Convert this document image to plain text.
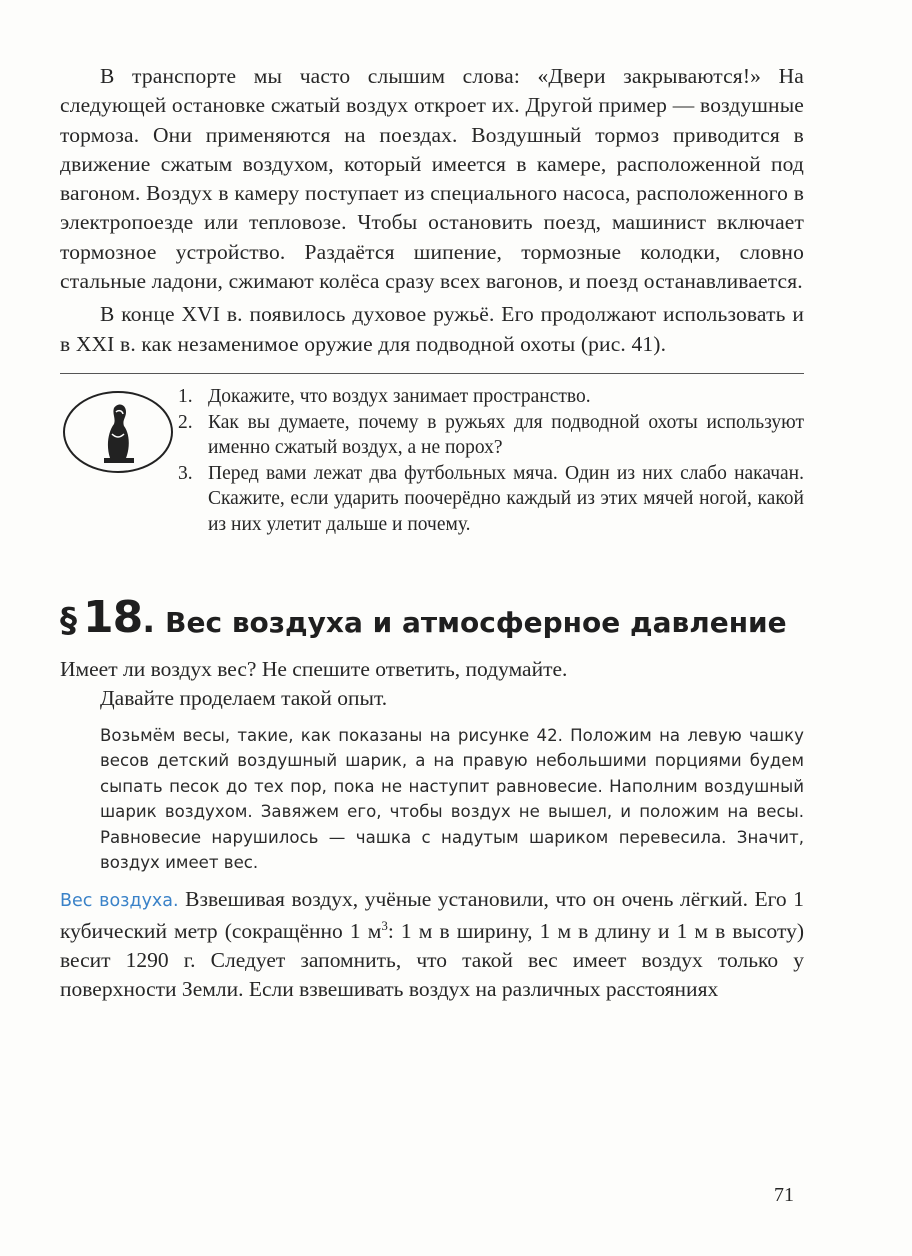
В транспорте мы часто слышим слова: «Двери закрываются!» На следующей остановке сжатый воздух откроет их. Другой пример — воздушные тормоза. Они применяются на поездах. Воздушный тормоз приводится в движение сжатым воздухом, который имеется в камере, расположенной под вагоном. Воздух в камеру поступает из специального насоса, расположенного в электропоезде или тепловозе. Чтобы остановить поезд, машинист включает тормозное устройство. Раздаётся шипение, тормозные колодки, словно стальные ладони, сжимают колёса сразу всех вагонов, и поезд останавливается.

В конце XVI в. появилось духовое ружьё. Его продолжают использовать и в XXI в. как незаменимое оружие для подводной охоты (рис. 41).

1. Докажите, что воздух занимает пространство.
2. Как вы думаете, почему в ружьях для подводной охоты используют именно сжатый воздух, а не порох?
3. Перед вами лежат два футбольных мяча. Один из них слабо накачан. Скажите, если ударить поочерёдно каждый из этих мячей ногой, какой из них улетит дальше и почему.
§ 18 . Вес воздуха и атмосферное давление
Имеет ли воздух вес? Не спешите ответить, подумайте.
Давайте проделаем такой опыт.
Возьмём весы, такие, как показаны на рисунке 42. Положим на левую чашку весов детский воздушный шарик, а на правую небольшими порциями будем сыпать песок до тех пор, пока не наступит равновесие. Наполним воздушный шарик воздухом. Завяжем его, чтобы воздух не вышел, и положим на весы. Равновесие нарушилось — чашка с надутым шариком перевесила. Значит, воздух имеет вес.
Вес воздуха. Взвешивая воздух, учёные установили, что он очень лёгкий. Его 1 кубический метр (сокращённо 1 $м^3$: 1 м в ширину, 1 м в длину и 1 м в высоту) весит 1290 г. Следует запомнить, что такой вес имеет воздух только у поверхности Земли. Если взвешивать воздух на различных расстояниях
71
